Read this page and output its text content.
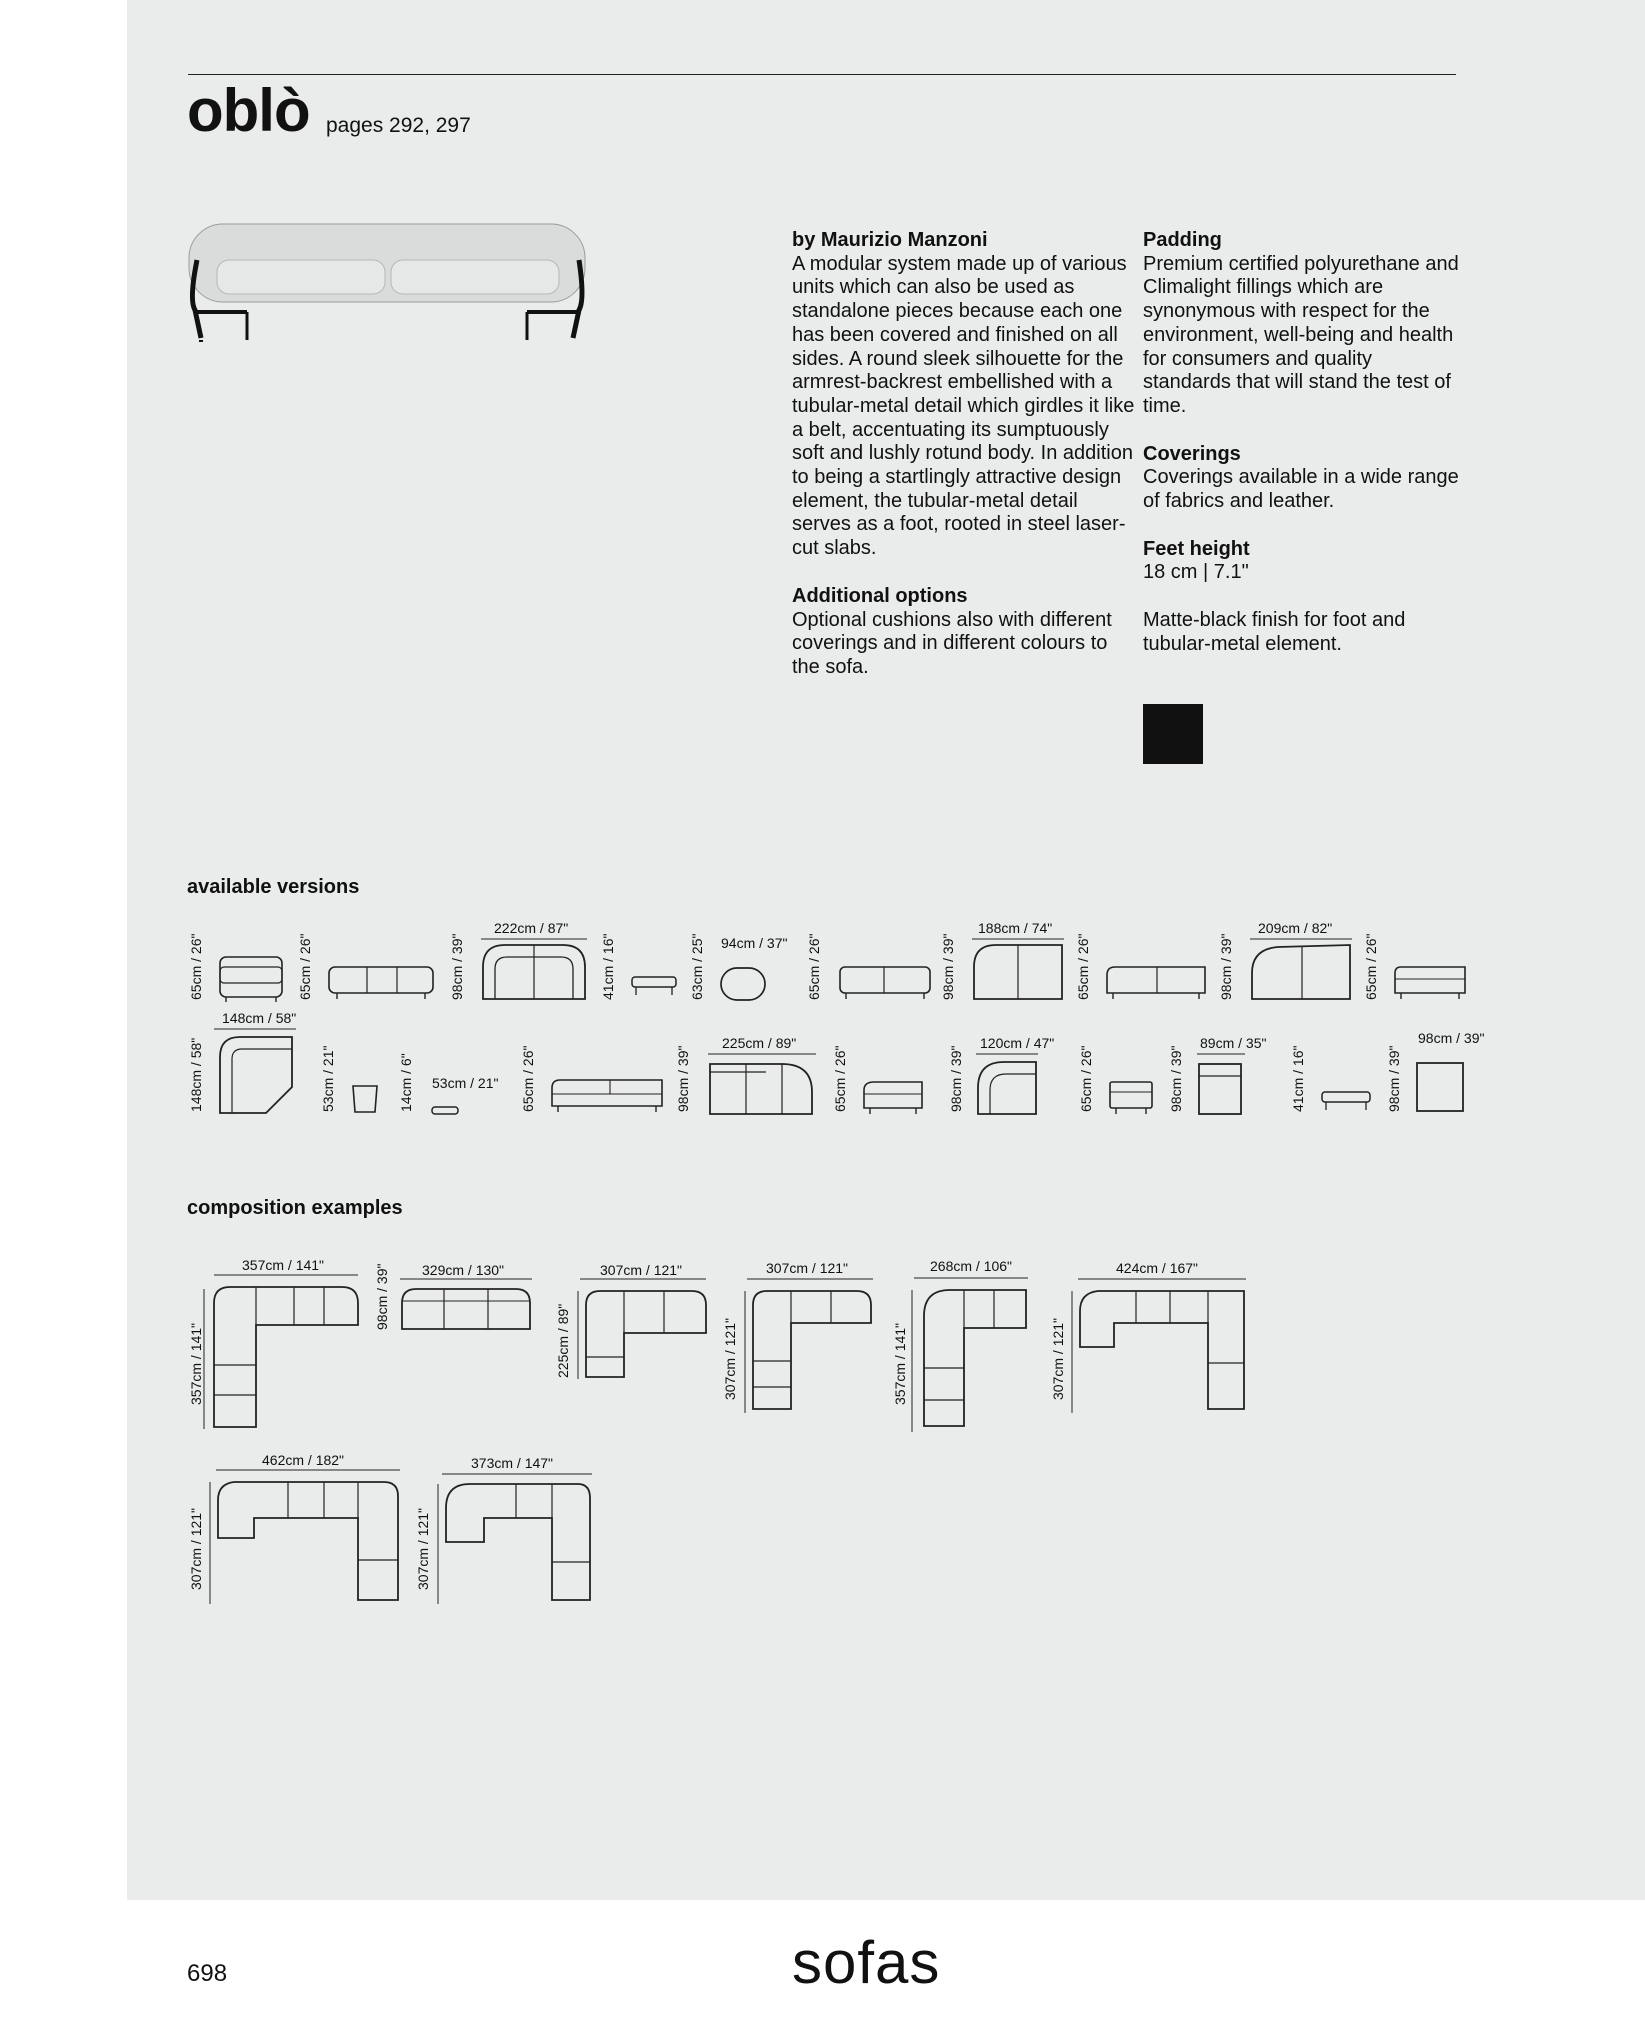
oblò pages 292, 297

by Maurizio Manzoni
A modular system made up of various units which can also be used as standalone pieces because each one has been covered and finished on all sides. A round sleek silhouette for the armrest-backrest embellished with a tubular-metal detail which girdles it like a belt, accentuating its sumptuously soft and lushly rotund body. In addition to being a startlingly attractive design element, the tubular-metal detail serves as a foot, rooted in steel laser-cut slabs.

Additional options
Optional cushions also with different coverings and in different colours to the sofa.

Padding
Premium certified polyurethane and Climalight fillings which are synonymous with respect for the environment, well-being and health for consumers and quality standards that will stand the test of time.

Coverings
Coverings available in a wide range of fabrics and leather.

Feet height
18 cm | 7.1"

Matte-black finish for foot and tubular-metal element.

available versions
composition examples
65cm / 26"	65cm / 26"	98cm / 39"
222cm / 87"
41cm / 16"	63cm / 25" 94cm / 37" 65cm / 26"	98cm / 39"
188cm / 74"
65cm / 26"	98cm / 39"
209cm / 82"
65cm / 26"
148cm / 58"
148cm / 58"
53cm / 21"	14cm / 6" 53cm / 21" 65cm / 26"	98cm / 39"
225cm / 89"
65cm / 26"	98cm / 39"
120cm / 47"
65cm / 26"	98cm / 39"
89cm / 35"
41cm / 16"	98cm / 39"
98cm / 39"
357cm / 141"
357cm / 141"
329cm / 130"
98cm / 39"	307cm / 121"
225cm / 89"
307cm / 121"
307cm / 121"
268cm / 106"
357cm / 141"
424cm / 167"
307cm / 121"
462cm / 182"
307cm / 121"
373cm / 147"
307cm / 121"
698	sofas
